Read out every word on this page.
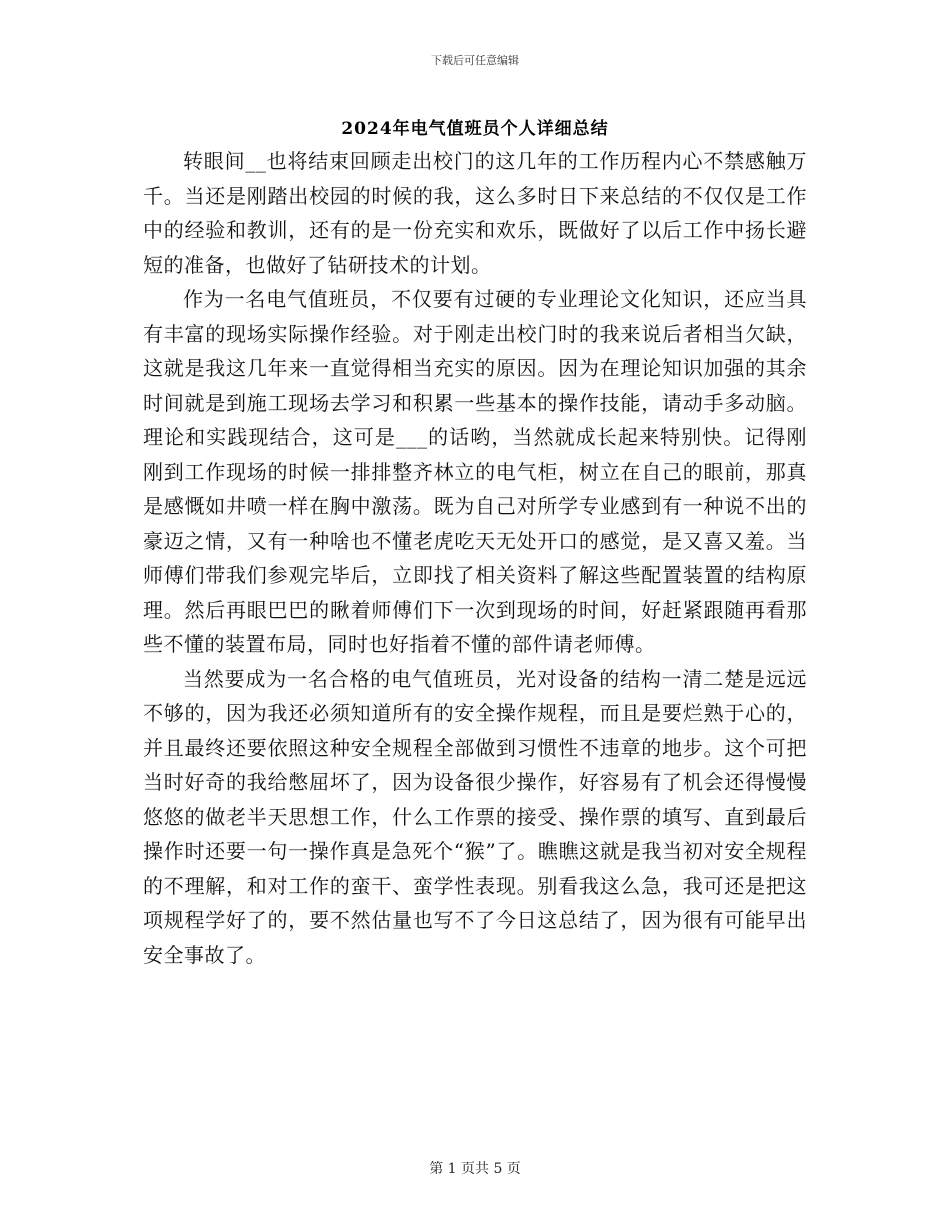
下载后可任意编辑
2024年电气值班员个人详细总结

转眼间__也将结束回顾走出校门的这几年的工作历程内心不禁感触万千。当还是刚踏出校园的时候的我，这么多时日下来总结的不仅仅是工作中的经验和教训，还有的是一份充实和欢乐，既做好了以后工作中扬长避短的准备，也做好了钻研技术的计划。

作为一名电气值班员，不仅要有过硬的专业理论文化知识，还应当具有丰富的现场实际操作经验。对于刚走出校门时的我来说后者相当欠缺，这就是我这几年来一直觉得相当充实的原因。因为在理论知识加强的其余时间就是到施工现场去学习和积累一些基本的操作技能，请动手多动脑。理论和实践现结合，这可是___的话哟，当然就成长起来特别快。记得刚刚到工作现场的时候一排排整齐林立的电气柜，树立在自己的眼前，那真是感慨如井喷一样在胸中激荡。既为自己对所学专业感到有一种说不出的豪迈之情，又有一种啥也不懂老虎吃天无处开口的感觉，是又喜又羞。当师傅们带我们参观完毕后，立即找了相关资料了解这些配置装置的结构原理。然后再眼巴巴的瞅着师傅们下一次到现场的时间，好赶紧跟随再看那些不懂的装置布局，同时也好指着不懂的部件请老师傅。

当然要成为一名合格的电气值班员，光对设备的结构一清二楚是远远不够的，因为我还必须知道所有的安全操作规程，而且是要烂熟于心的，并且最终还要依照这种安全规程全部做到习惯性不违章的地步。这个可把当时好奇的我给憋屈坏了，因为设备很少操作，好容易有了机会还得慢慢悠悠的做老半天思想工作，什么工作票的接受、操作票的填写、直到最后操作时还要一句一操作真是急死个“猴”了。瞧瞧这就是我当初对安全规程的不理解，和对工作的蛮干、蛮学性表现。别看我这么急，我可还是把这项规程学好了的，要不然估量也写不了今日这总结了，因为很有可能早出安全事故了。

第 1 页共 5 页
